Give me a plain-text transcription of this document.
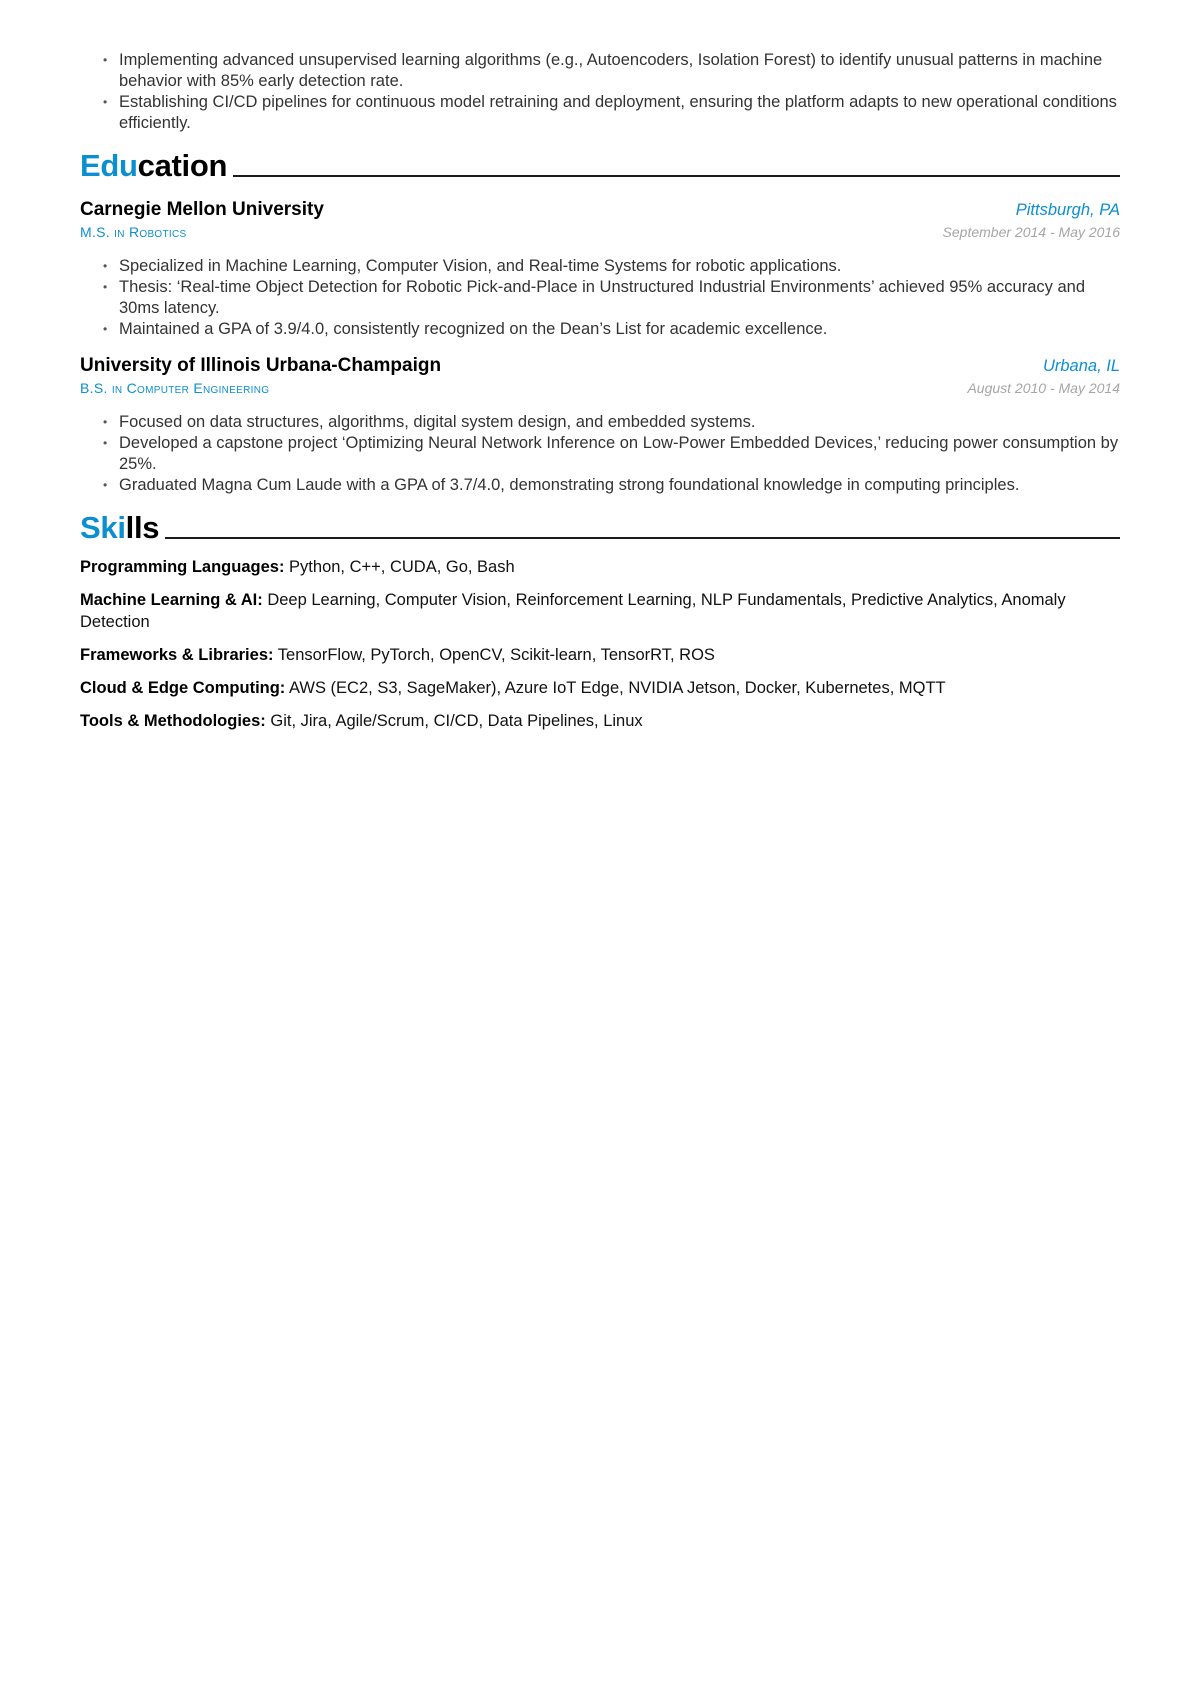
• Implementing advanced unsupervised learning algorithms (e.g., Autoencoders, Isolation Forest) to identify unusual patterns in machine behavior with 85% early detection rate.
• Establishing CI/CD pipelines for continuous model retraining and deployment, ensuring the platform adapts to new operational conditions efficiently.
Education
Carnegie Mellon University	Pittsburgh, PA
M.S. in Robotics	September 2014 - May 2016
• Specialized in Machine Learning, Computer Vision, and Real-time Systems for robotic applications.
• Thesis: ‘Real-time Object Detection for Robotic Pick-and-Place in Unstructured Industrial Environments’ achieved 95% accuracy and 30ms latency.
• Maintained a GPA of 3.9/4.0, consistently recognized on the Dean’s List for academic excellence.
University of Illinois Urbana-Champaign	Urbana, IL
B.S. in Computer Engineering	August 2010 - May 2014
• Focused on data structures, algorithms, digital system design, and embedded systems.
• Developed a capstone project ‘Optimizing Neural Network Inference on Low-Power Embedded Devices,’ reducing power consumption by 25%.
• Graduated Magna Cum Laude with a GPA of 3.7/4.0, demonstrating strong foundational knowledge in computing principles.
Skills
Programming Languages: Python, C++, CUDA, Go, Bash
Machine Learning & AI: Deep Learning, Computer Vision, Reinforcement Learning, NLP Fundamentals, Predictive Analytics, Anomaly Detection
Frameworks & Libraries: TensorFlow, PyTorch, OpenCV, Scikit-learn, TensorRT, ROS
Cloud & Edge Computing: AWS (EC2, S3, SageMaker), Azure IoT Edge, NVIDIA Jetson, Docker, Kubernetes, MQTT
Tools & Methodologies: Git, Jira, Agile/Scrum, CI/CD, Data Pipelines, Linux
